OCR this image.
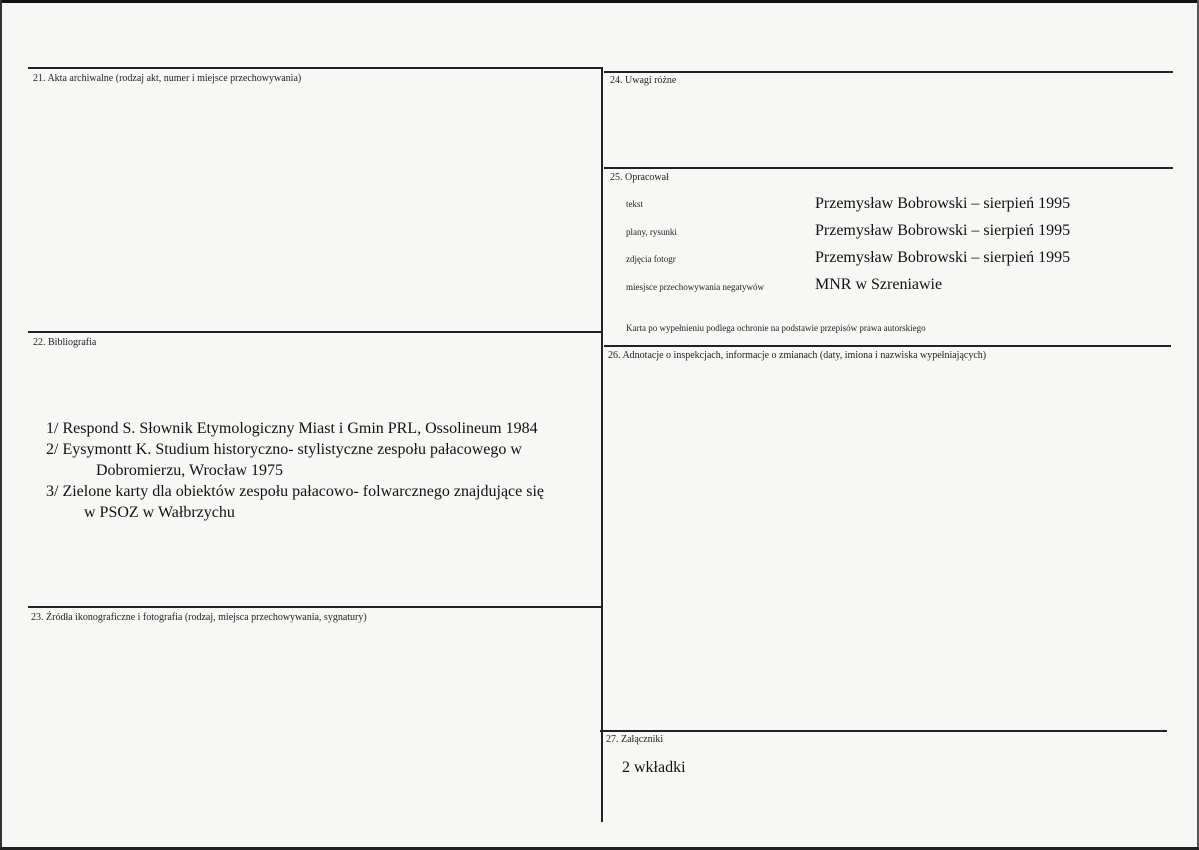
21. Akta archiwalne (rodzaj akt, numer i miejsce przechowywania)
22. Bibliografia
1/ Respond S. Słownik Etymologiczny Miast i Gmin PRL, Ossolineum 1984
2/ Eysymontt K. Studium historyczno- stylistyczne zespołu pałacowego w
Dobromierzu, Wrocław 1975
3/ Zielone karty dla obiektów zespołu pałacowo- folwarcznego znajdujące się
w PSOZ w Wałbrzychu
23. Źródła ikonograficzne i fotografia (rodzaj, miejsca przechowywania, sygnatury)
24. Uwagi różne
25. Opracował
tekst	Przemysław Bobrowski – sierpień 1995
plany, rysunki	Przemysław Bobrowski – sierpień 1995
zdjęcia fotogr	Przemysław Bobrowski – sierpień 1995
miesjsce przechowywania negatywów	MNR w Szreniawie
Karta po wypełnieniu podlega ochronie na podstawie przepisów prawa autorskiego
26. Adnotacje o inspekcjach, informacje o zmianach (daty, imiona i nazwiska wypełniających)
27. Załączniki
2 wkładki
